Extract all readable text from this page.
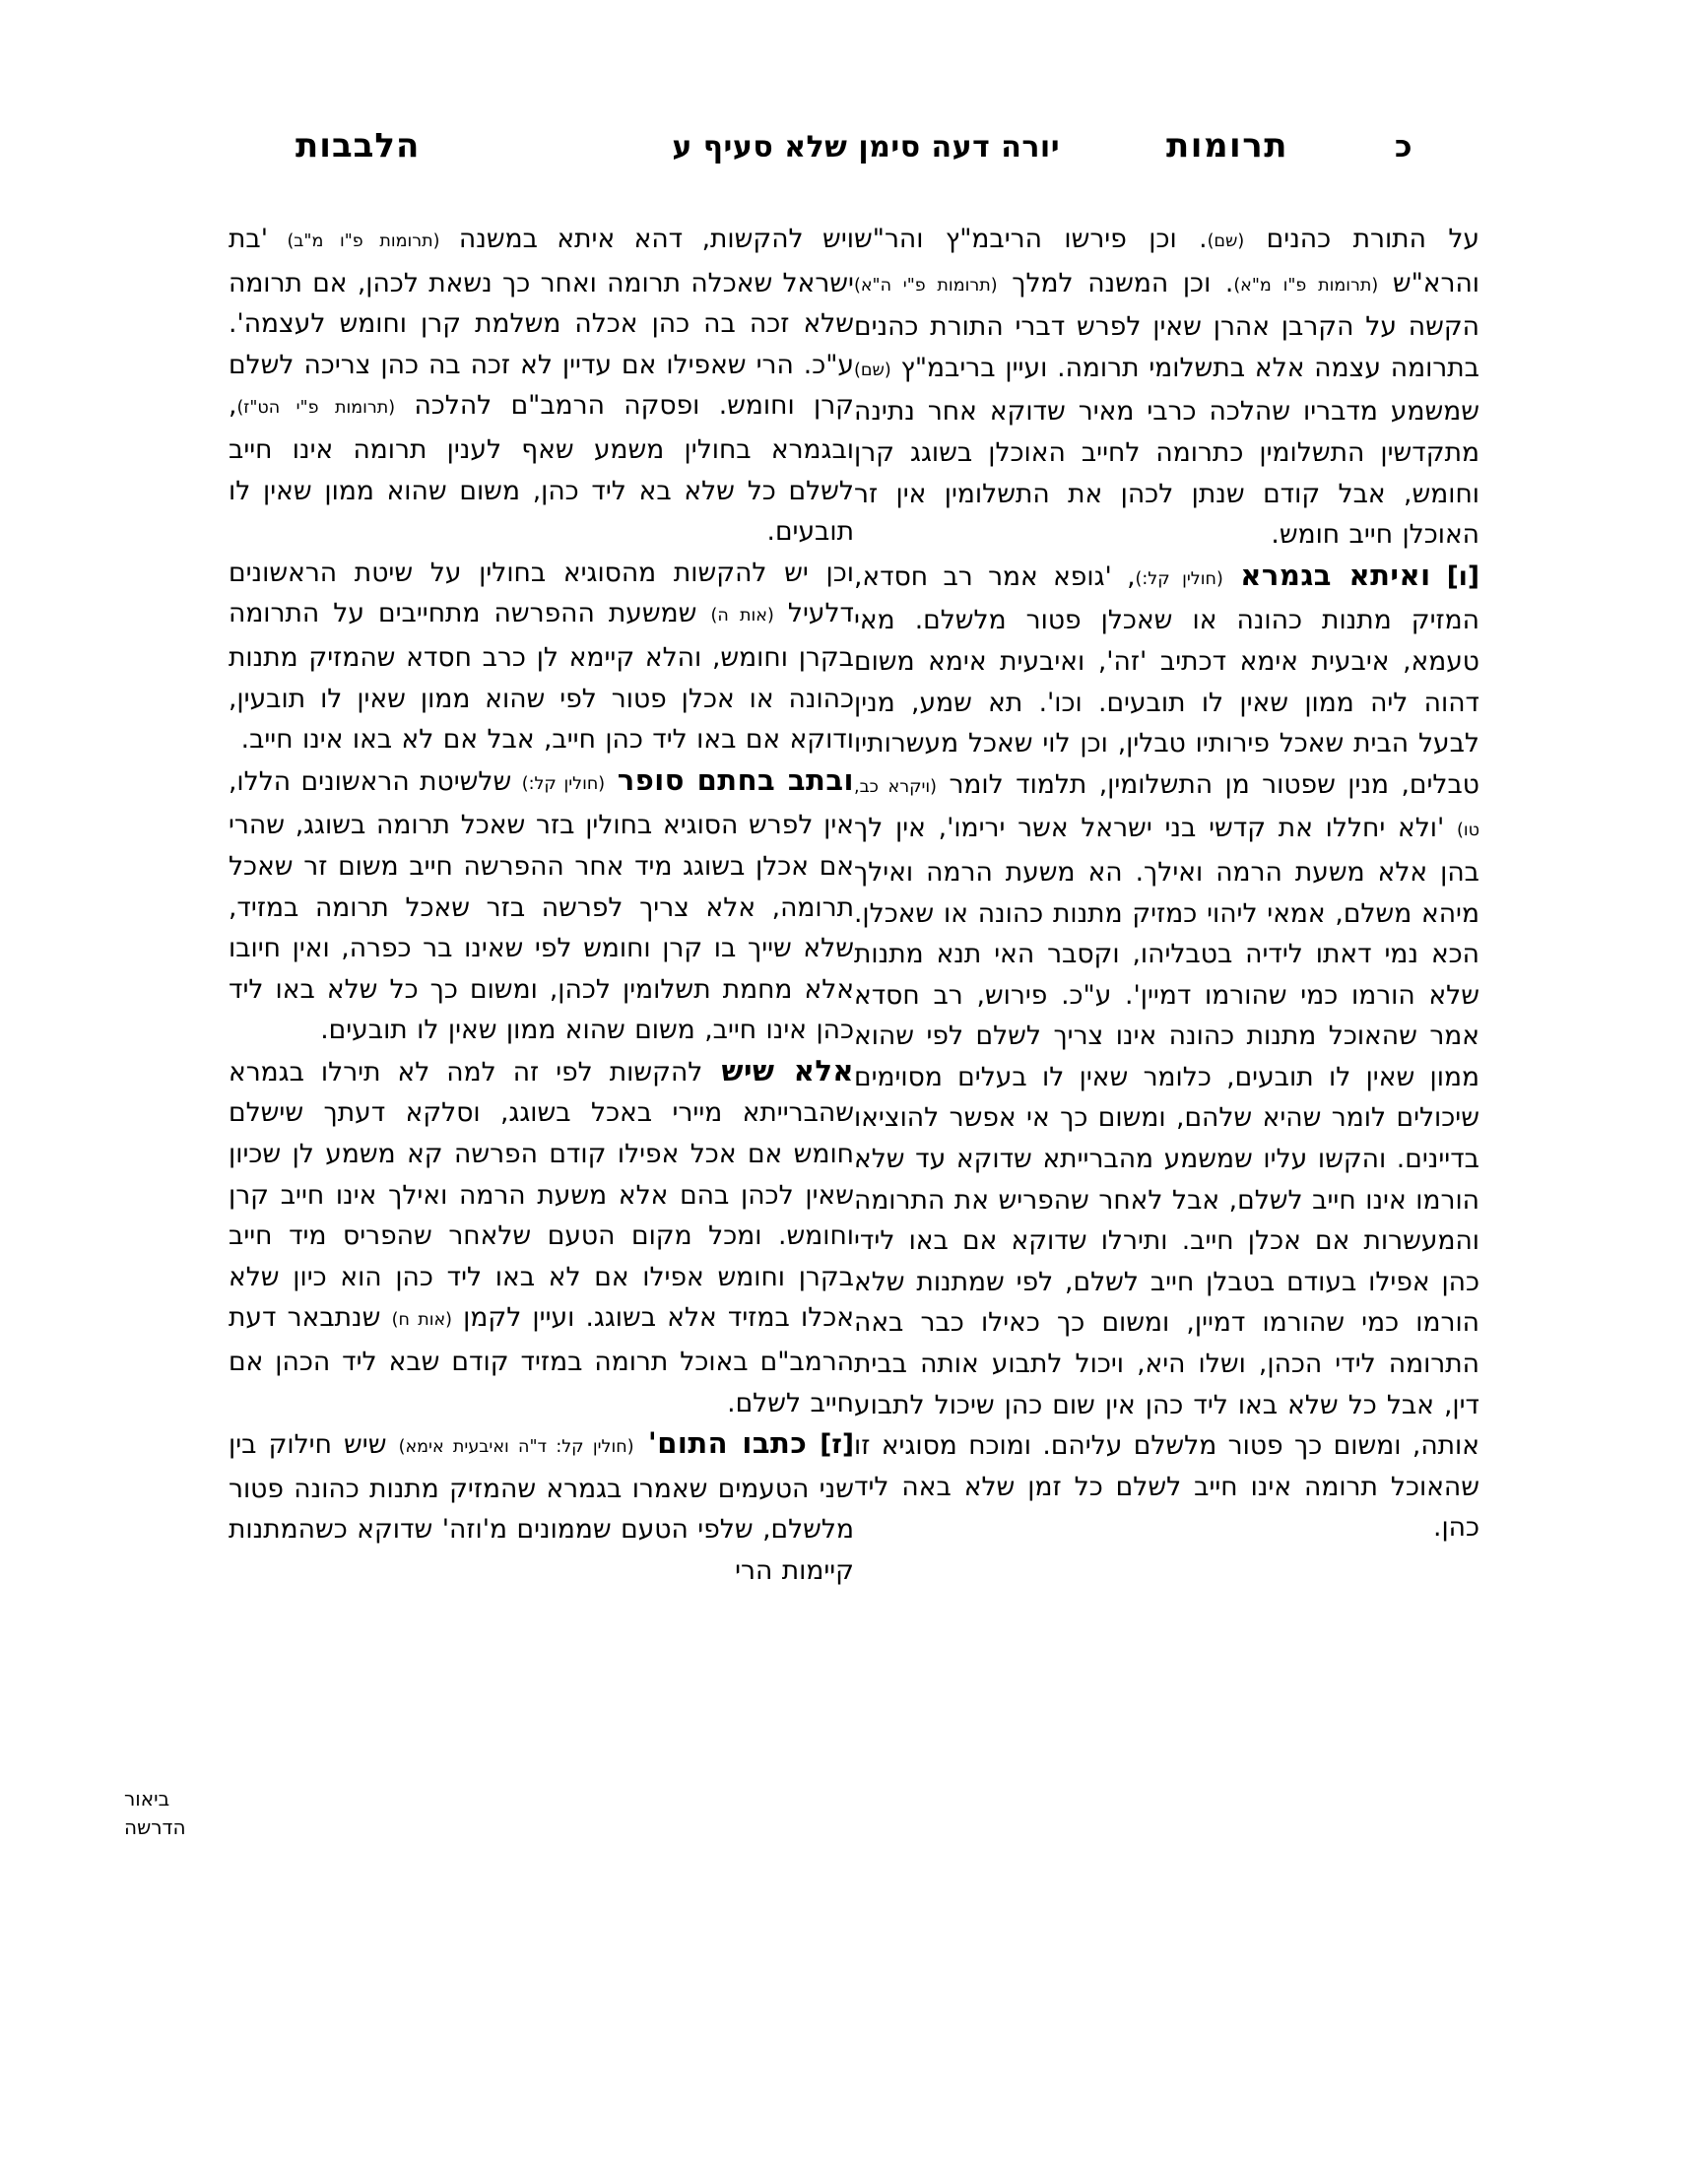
כ
תרומות
יורה דעה סימן שלא סעיף ע
הלבבות

על התורת כהנים (שם). וכן פירשו הריבמ"ץ והר"ש והרא"ש (תרומות פ"ו מ"א). וכן המשנה למלך (תרומות פ"י ה"א) הקשה על הקרבן אהרן שאין לפרש דברי התורת כהנים בתרומה עצמה אלא בתשלומי תרומה. ועיין בריבמ"ץ (שם) שמשמע מדבריו שהלכה כרבי מאיר שדוקא אחר נתינה מתקדשין התשלומין כתרומה לחייב האוכלן בשוגג קרן וחומש, אבל קודם שנתן לכהן את התשלומין אין זר האוכלן חייב חומש.

[ו] ואיתא בגמרא (חולין קל:), 'גופא אמר רב חסדא, המזיק מתנות כהונה או שאכלן פטור מלשלם. מאי טעמא, איבעית אימא דכתיב 'זה', ואיבעית אימא משום דהוה ליה ממון שאין לו תובעים. וכו'. תא שמע, מנין לבעל הבית שאכל פירותיו טבלין, וכן לוי שאכל מעשרותיו טבלים, מנין שפטור מן התשלומין, תלמוד לומר (ויקרא כב, טו) 'ולא יחללו את קדשי בני ישראל אשר ירימו', אין לך בהן אלא משעת הרמה ואילך. הא משעת הרמה ואילך מיהא משלם, אמאי ליהוי כמזיק מתנות כהונה או שאכלן. הכא נמי דאתו לידיה בטבליהו, וקסבר האי תנא מתנות שלא הורמו כמי שהורמו דמיין'. ע"כ. פירוש, רב חסדא אמר שהאוכל מתנות כהונה אינו צריך לשלם לפי שהוא ממון שאין לו תובעים, כלומר שאין לו בעלים מסוימים שיכולים לומר שהיא שלהם, ומשום כך אי אפשר להוציאו בדיינים. והקשו עליו שמשמע מהברייתא שדוקא עד שלא הורמו אינו חייב לשלם, אבל לאחר שהפריש את התרומה והמעשרות אם אכלן חייב. ותירלו שדוקא אם באו לידי כהן אפילו בעודם בטבלן חייב לשלם, לפי שמתנות שלא הורמו כמי שהורמו דמיין, ומשום כך כאילו כבר באה התרומה לידי הכהן, ושלו היא, ויכול לתבוע אותה בבית דין, אבל כל שלא באו ליד כהן אין שום כהן שיכול לתבוע אותה, ומשום כך פטור מלשלם עליהם. ומוכח מסוגיא זו שהאוכל תרומה אינו חייב לשלם כל זמן שלא באה ליד כהן.

ויש להקשות, דהא איתא במשנה (תרומות פ"ו מ"ב) 'בת ישראל שאכלה תרומה ואחר כך נשאת לכהן, אם תרומה שלא זכה בה כהן אכלה משלמת קרן וחומש לעצמה'. ע"כ. הרי שאפילו אם עדיין לא זכה בה כהן צריכה לשלם קרן וחומש. ופסקה הרמב"ם להלכה (תרומות פ"י הט"ז), ובגמרא בחולין משמע שאף לענין תרומה אינו חייב לשלם כל שלא בא ליד כהן, משום שהוא ממון שאין לו תובעים.

וכן יש להקשות מהסוגיא בחולין על שיטת הראשונים דלעיל (אות ה) שמשעת ההפרשה מתחייבים על התרומה בקרן וחומש, והלא קיימא לן כרב חסדא שהמזיק מתנות כהונה או אכלן פטור לפי שהוא ממון שאין לו תובעין, ודוקא אם באו ליד כהן חייב, אבל אם לא באו אינו חייב.

ובתב בחתם סופר (חולין קל:) שלשיטת הראשונים הללו, אין לפרש הסוגיא בחולין בזר שאכל תרומה בשוגג, שהרי אם אכלן בשוגג מיד אחר ההפרשה חייב משום זר שאכל תרומה, אלא צריך לפרשה בזר שאכל תרומה במזיד, שלא שייך בו קרן וחומש לפי שאינו בר כפרה, ואין חיובו אלא מחמת תשלומין לכהן, ומשום כך כל שלא באו ליד כהן אינו חייב, משום שהוא ממון שאין לו תובעים.

אלא שיש להקשות לפי זה למה לא תירלו בגמרא שהברייתא מיירי באכל בשוגג, וסלקא דעתך שישלם חומש אם אכל אפילו קודם הפרשה קא משמע לן שכיון שאין לכהן בהם אלא משעת הרמה ואילך אינו חייב קרן וחומש. ומכל מקום הטעם שלאחר שהפריס מיד חייב בקרן וחומש אפילו אם לא באו ליד כהן הוא כיון שלא אכלו במזיד אלא בשוגג. ועיין לקמן (אות ח) שנתבאר דעת הרמב"ם באוכל תרומה במזיד קודם שבא ליד הכהן אם חייב לשלם.

[ז] כתבו התום' (חולין קל: ד"ה ואיבעית אימא) שיש חילוק בין שני הטעמים שאמרו בגמרא שהמזיק מתנות כהונה פטור מלשלם, שלפי הטעם שממונים מ'וזה' שדוקא כשהמתנות קיימות הרי

ביאור
הדרשה
